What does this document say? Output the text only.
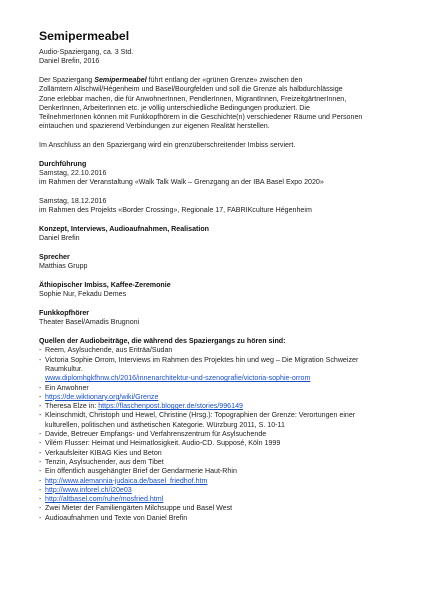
Semipermeabel

Audio-Spaziergang, ca. 3 Std.

Daniel Brefin, 2016

Der Spaziergang Semipermeabel führt entlang der «grünen Grenze» zwischen den

Zollämtern Allschwil/Hégenheim und Basel/Bourgfelden und soll die Grenze als halbdurchlässige

Zone erlebbar machen, die für AnwohnerInnen, PendlerInnen, MigrantInnen, FreizeitgärtnerInnen,

DenkerInnen, ArbeiterInnen etc. je völlig unterschiedliche Bedingungen produziert. Die

TeilnehmerInnen können mit Funkkopfhörern in die Geschichte(n) verschiedener Räume und Personen

eintauchen und spazierend Verbindungen zur eigenen Realität herstellen.

Im Anschluss an den Spaziergang wird ein grenzüberschreitender Imbiss serviert.

Durchführung

Samstag, 22.10.2016

im Rahmen der Veranstaltung «Walk Talk Walk – Grenzgang an der IBA Basel Expo 2020»

Samstag, 18.12.2016

im Rahmen des Projekts «Border Crossing», Regionale 17, FABRIKculture Hégenheim

Konzept, Interviews, Audioaufnahmen, Realisation

Daniel Brefin

Sprecher

Matthias Grupp

Äthiopischer Imbiss, Kaffee-Zeremonie

Sophie Nur, Fekadu Demes

Funkkopfhörer

Theater Basel/Amadis Brugnoni

Quellen der Audiobeiträge, die während des Spaziergangs zu hören sind:

- Reem, Asylsuchende, aus Eriträa/Sudan
- Victoria Sophie Orrom, Interviews im Rahmen des Projektes hin und weg – Die Migration Schweizer
Raumkultur.
www.diplomhgkfhnw.ch/2016/innenarchitektur-und-szenografie/victoria-sophie-orrom
- Ein Anwohner
- https://de.wiktionary.org/wiki/Grenze
- Theresa Elze in: https://flaschenpost.blogger.de/stories/996149
- Kleinschmidt, Christoph und Hewel, Christine (Hrsg.): Topographien der Grenze: Verortungen einer
kulturellen, politischen und ästhetischen Kategorie. Würzburg 2011, S. 10-11
- Davide, Betreuer Empfangs- und Verfahrenszentrum für Asylsuchende
- Vilém Flusser: Heimat und Heimatlosigkeit. Audio-CD. Supposé, Köln 1999
- Verkaufsleiter KIBAG Kies und Beton
- Tenzin, Asylsuchender, aus dem Tibet
- Ein öffentlich ausgehängter Brief der Gendarmerie Haut-Rhin
- http://www.alemannia-judaica.de/basel_friedhof.htm
- http://www.inforel.ch/i20e03
- http://altbasel.com/ruhe/mosfried.html
- Zwei Mieter der Familiengärten Milchsuppe und Basel West
- Audioaufnahmen und Texte von Daniel Brefin
